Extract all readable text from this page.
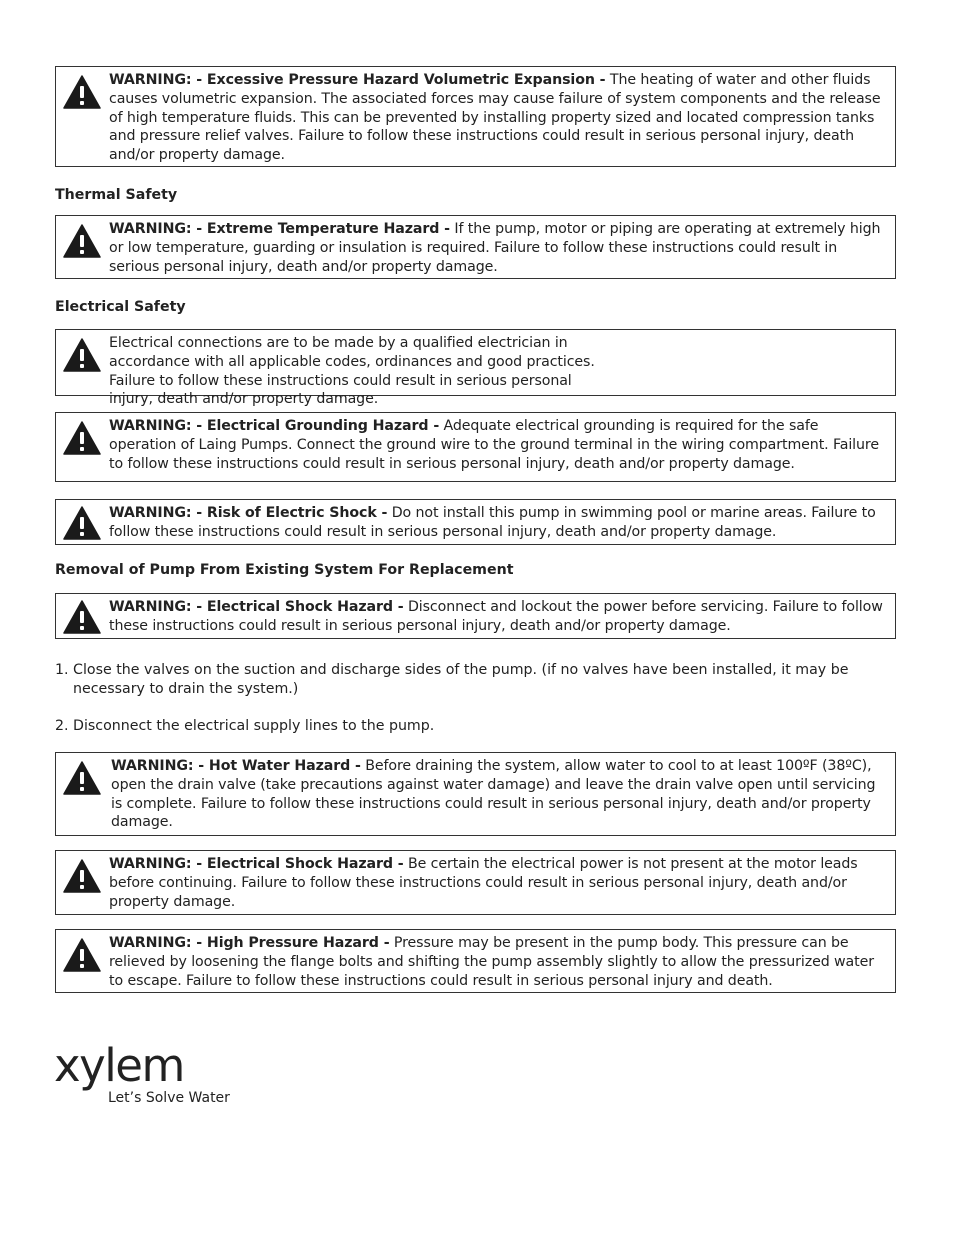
WARNING: - Excessive Pressure Hazard Volumetric Expansion - The heating of water and other fluids causes volumetric expansion. The associated forces may cause failure of system components and the release of high temperature fluids. This can be prevented by installing property sized and located compression tanks and pressure relief valves. Failure to follow these instructions could result in serious personal injury, death and/or property damage.
Thermal Safety
WARNING: - Extreme Temperature Hazard - If the pump, motor or piping are operating at extremely high or low temperature, guarding or insulation is required. Failure to follow these instructions could result in serious personal injury, death and/or property damage.
Electrical Safety
Electrical connections are to be made by a qualified electrician in accordance with all applicable codes, ordinances and good practices. Failure to follow these instructions could result in serious personal injury, death and/or property damage.
WARNING: - Electrical Grounding Hazard - Adequate electrical grounding is required for the safe operation of Laing Pumps. Connect the ground wire to the ground terminal in the wiring compartment. Failure to follow these instructions could result in serious personal injury, death and/or property damage.
WARNING: - Risk of Electric Shock - Do not install this pump in swimming pool or marine areas. Failure to follow these instructions could result in serious personal injury, death and/or property damage.
Removal of Pump From Existing System For Replacement
WARNING: - Electrical Shock Hazard - Disconnect and lockout the power before servicing. Failure to follow these instructions could result in serious personal injury, death and/or property damage.
1. Close the valves on the suction and discharge sides of the pump. (if no valves have been installed, it may be
necessary to drain the system.)
2. Disconnect the electrical supply lines to the pump.
WARNING: - Hot Water Hazard - Before draining the system, allow water to cool to at least 100ºF (38ºC), open the drain valve (take precautions against water damage) and leave the drain valve open until servicing is complete. Failure to follow these instructions could result in serious personal injury, death and/or property damage.
WARNING: - Electrical Shock Hazard - Be certain the electrical power is not present at the motor leads before continuing. Failure to follow these instructions could result in serious personal injury, death and/or property damage.
WARNING: - High Pressure Hazard - Pressure may be present in the pump body. This pressure can be relieved by loosening the flange bolts and shifting the pump assembly slightly to allow the pressurized water to escape. Failure to follow these instructions could result in serious personal injury and death.
xylem
Let’s Solve Water
